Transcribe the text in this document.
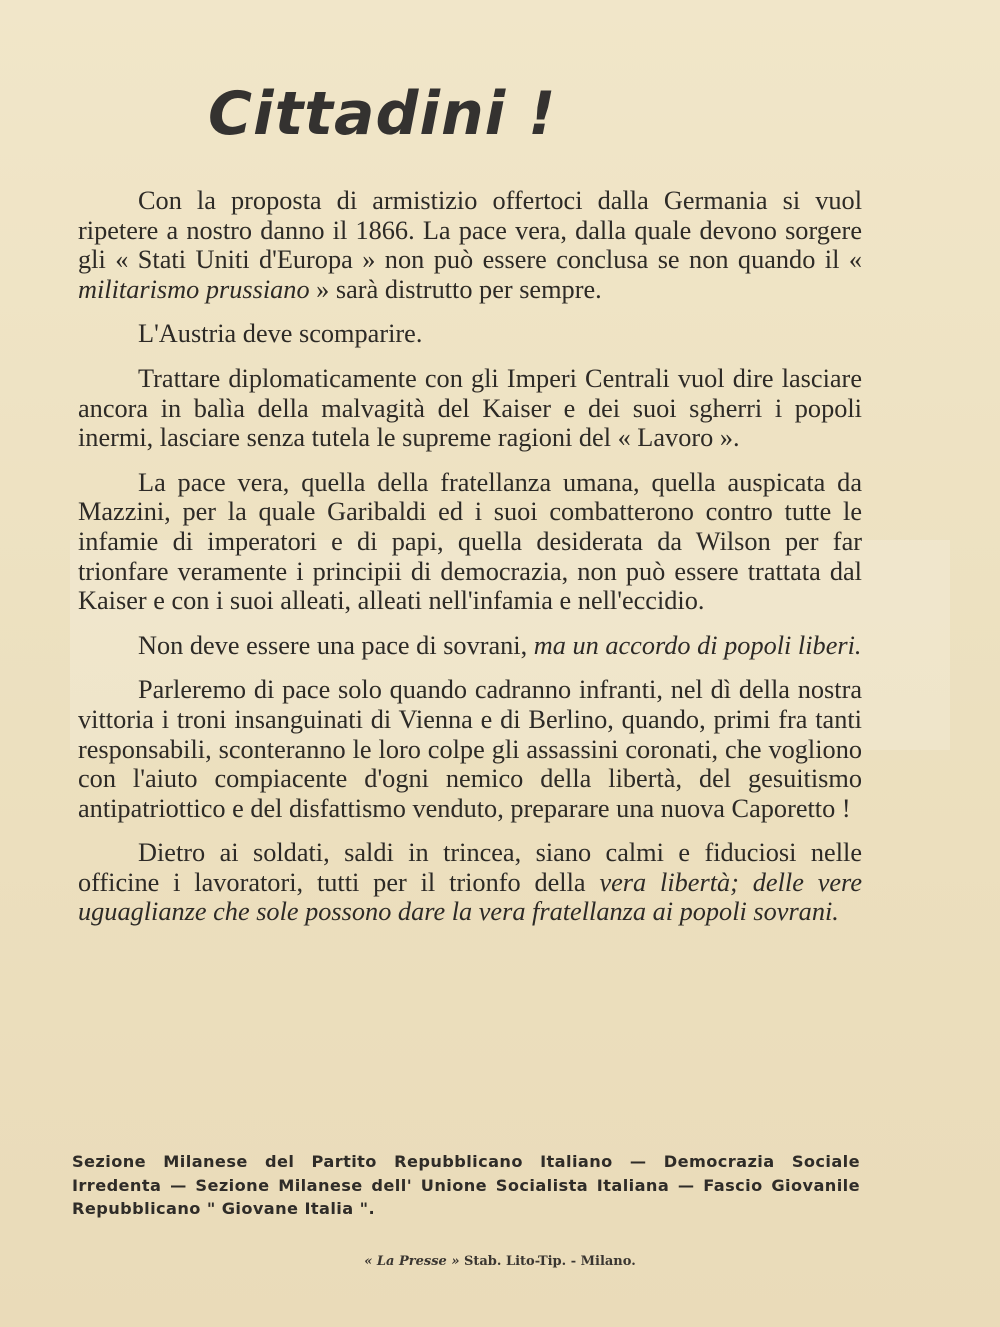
Cittadini !

Con la proposta di armistizio offertoci dalla Germania si vuol ripetere a nostro danno il 1866. La pace vera, dalla quale devono sorgere gli « Stati Uniti d'Europa » non può essere conclusa se non quando il « militarismo prussiano » sarà distrutto per sempre.

L'Austria deve scomparire.

Trattare diplomaticamente con gli Imperi Centrali vuol dire lasciare ancora in balìa della malvagità del Kaiser e dei suoi sgherri i popoli inermi, lasciare senza tutela le supreme ragioni del « Lavoro ».

La pace vera, quella della fratellanza umana, quella auspicata da Mazzini, per la quale Garibaldi ed i suoi combatterono contro tutte le infamie di imperatori e di papi, quella desiderata da Wilson per far trionfare veramente i principii di democrazia, non può essere trattata dal Kaiser e con i suoi alleati, alleati nell'infamia e nell'eccidio.

Non deve essere una pace di sovrani, ma un accordo di popoli liberi.

Parleremo di pace solo quando cadranno infranti, nel dì della nostra vittoria i troni insanguinati di Vienna e di Berlino, quando, primi fra tanti responsabili, sconteranno le loro colpe gli assassini coronati, che vogliono con l'aiuto compiacente d'ogni nemico della libertà, del gesuitismo antipatriottico e del disfattismo venduto, preparare una nuova Caporetto !

Dietro ai soldati, saldi in trincea, siano calmi e fiduciosi nelle officine i lavoratori, tutti per il trionfo della vera libertà; delle vere uguaglianze che sole possono dare la vera fratellanza ai popoli sovrani.

Sezione Milanese del Partito Repubblicano Italiano — Democrazia Sociale Irredenta — Sezione Milanese dell' Unione Socialista Italiana — Fascio Giovanile Repubblicano " Giovane Italia ".

« La Presse » Stab. Lito-Tip. - Milano.
